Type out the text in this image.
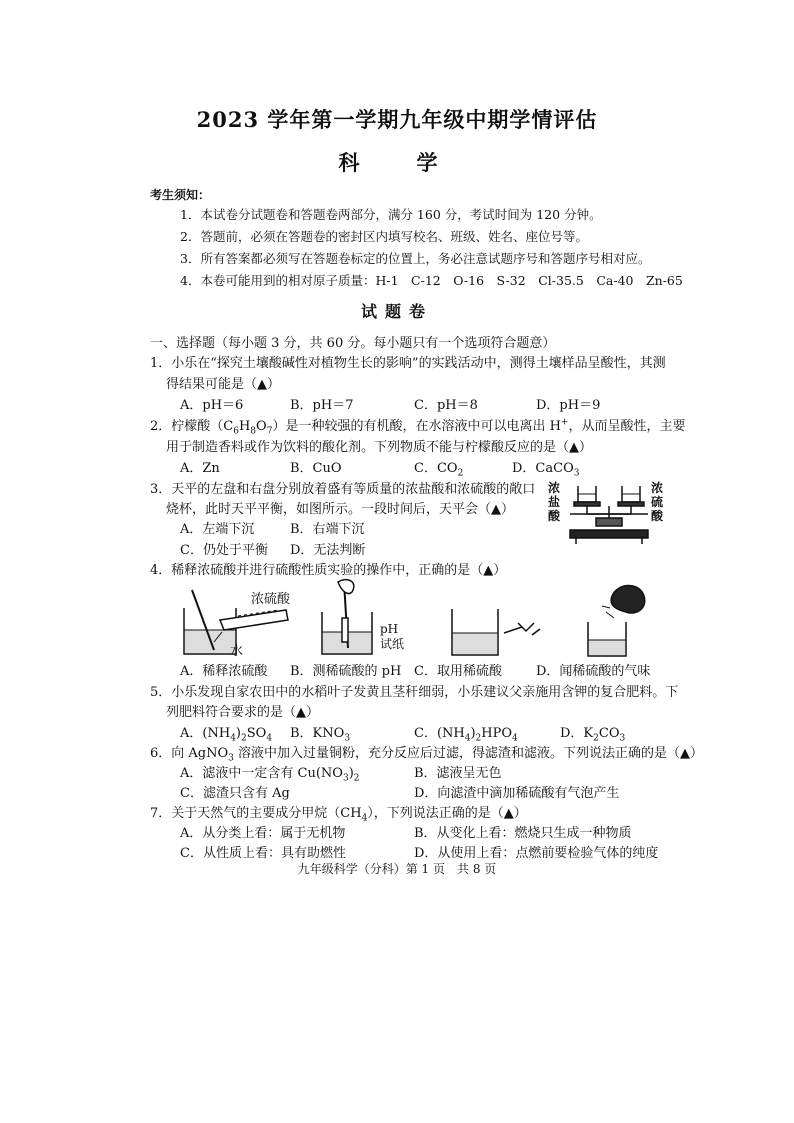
2023 学年第一学期九年级中期学情评估
科　学
考生须知：
1．本试卷分试题卷和答题卷两部分，满分 160 分，考试时间为 120 分钟。
2．答题前，必须在答题卷的密封区内填写校名、班级、姓名、座位号等。
3．所有答案都必须写在答题卷标定的位置上，务必注意试题序号和答题序号相对应。
4．本卷可能用到的相对原子质量：H-1　C-12　O-16　S-32　Cl-35.5　Ca-40　Zn-65
试题卷
一、选择题（每小题 3 分，共 60 分。每小题只有一个选项符合题意）
1．小乐在“探究土壤酸碱性对植物生长的影响”的实践活动中，测得土壤样品呈酸性，其测
得结果可能是（▲）
A．pH＝6	B．pH＝7	C．pH＝8	D．pH＝9
2．柠檬酸$(C_6H_8O_7)$是一种较强的有机酸，在水溶液中可以电离出 H+，从而呈酸性，主要
用于制造香料或作为饮料的酸化剂。下列物质不能与柠檬酸反应的是（▲）
A．Zn	B．CuO	C．$CO_2$	D．CaCO$_3$
3．天平的左盘和右盘分别放着盛有等质量的浓盐酸和浓硫酸的敞口
烧杯，此时天平平衡，如图所示。一段时间后，天平会（▲）
A．左端下沉	B．右端下沉
C．仍处于平衡 D．无法判断
浓
盐
酸
浓
硫
酸
4．稀释浓硫酸并进行硫酸性质实验的操作中，正确的是（▲）
浓硫酸
水
pH
试纸
A．稀释浓硫酸 B．测稀硫酸的 pH C．取用稀硫酸	D．闻稀硫酸的气味
5．小乐发现自家农田中的水稻叶子发黄且茎秆细弱，小乐建议父亲施用含钾的复合肥料。下
列肥料符合要求的是（▲）
A．$(NH_4)_2SO_4$ B．$KNO_3$	C．$(NH_4)_2HPO_4$	D．$K_2CO_3$
6．向 AgNO$_3$ 溶液中加入过量铜粉，充分反应后过滤，得滤渣和滤液。下列说法正确的是（▲）
A．滤液中一定含有 $Cu(NO_3)_2$	B．滤液呈无色
C．滤渣只含有 Ag	D．向滤渣中滴加稀硫酸有气泡产生
7．关于天然气的主要成分甲烷$(CH_4)$，下列说法正确的是（▲）
A．从分类上看：属于无机物	B．从变化上看：燃烧只生成一种物质
C．从性质上看：具有助燃性	D．从使用上看：点燃前要检验气体的纯度
九年级科学（分科）第 1 页　共 8 页
